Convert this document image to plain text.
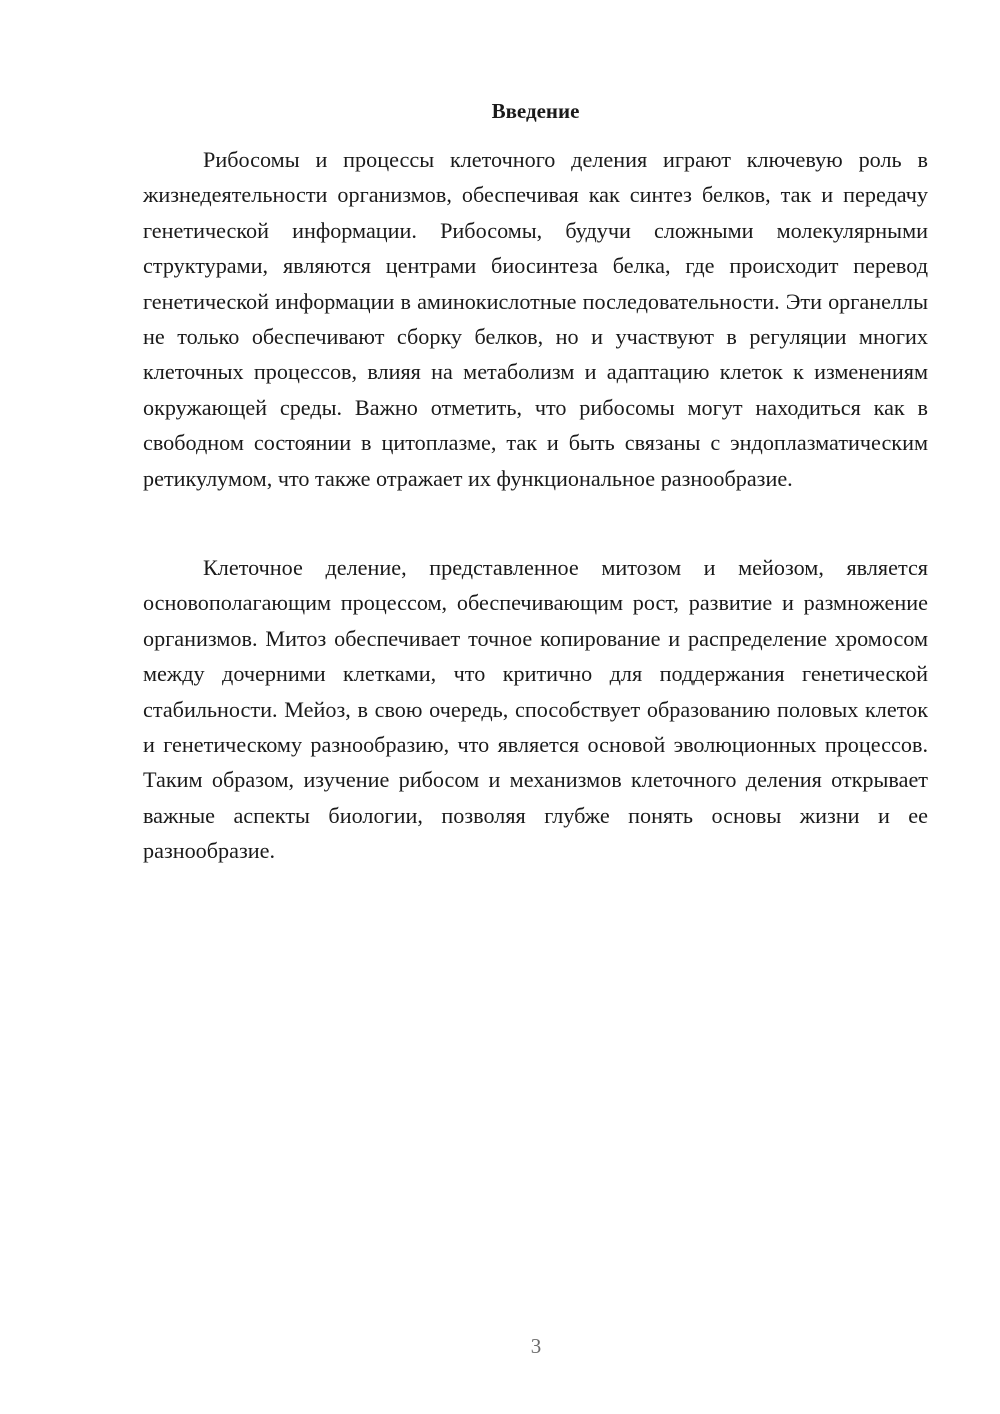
Введение

Рибосомы и процессы клеточного деления играют ключевую роль в жизнедеятельности организмов, обеспечивая как синтез белков, так и передачу генетической информации. Рибосомы, будучи сложными молекулярными структурами, являются центрами биосинтеза белка, где происходит перевод генетической информации в аминокислотные последовательности. Эти органеллы не только обеспечивают сборку белков, но и участвуют в регуляции многих клеточных процессов, влияя на метаболизм и адаптацию клеток к изменениям окружающей среды. Важно отметить, что рибосомы могут находиться как в свободном состоянии в цитоплазме, так и быть связаны с эндоплазматическим ретикулумом, что также отражает их функциональное разнообразие.

Клеточное деление, представленное митозом и мейозом, является основополагающим процессом, обеспечивающим рост, развитие и размножение организмов. Митоз обеспечивает точное копирование и распределение хромосом между дочерними клетками, что критично для поддержания генетической стабильности. Мейоз, в свою очередь, способствует образованию половых клеток и генетическому разнообразию, что является основой эволюционных процессов. Таким образом, изучение рибосом и механизмов клеточного деления открывает важные аспекты биологии, позволяя глубже понять основы жизни и ее разнообразие.

3
